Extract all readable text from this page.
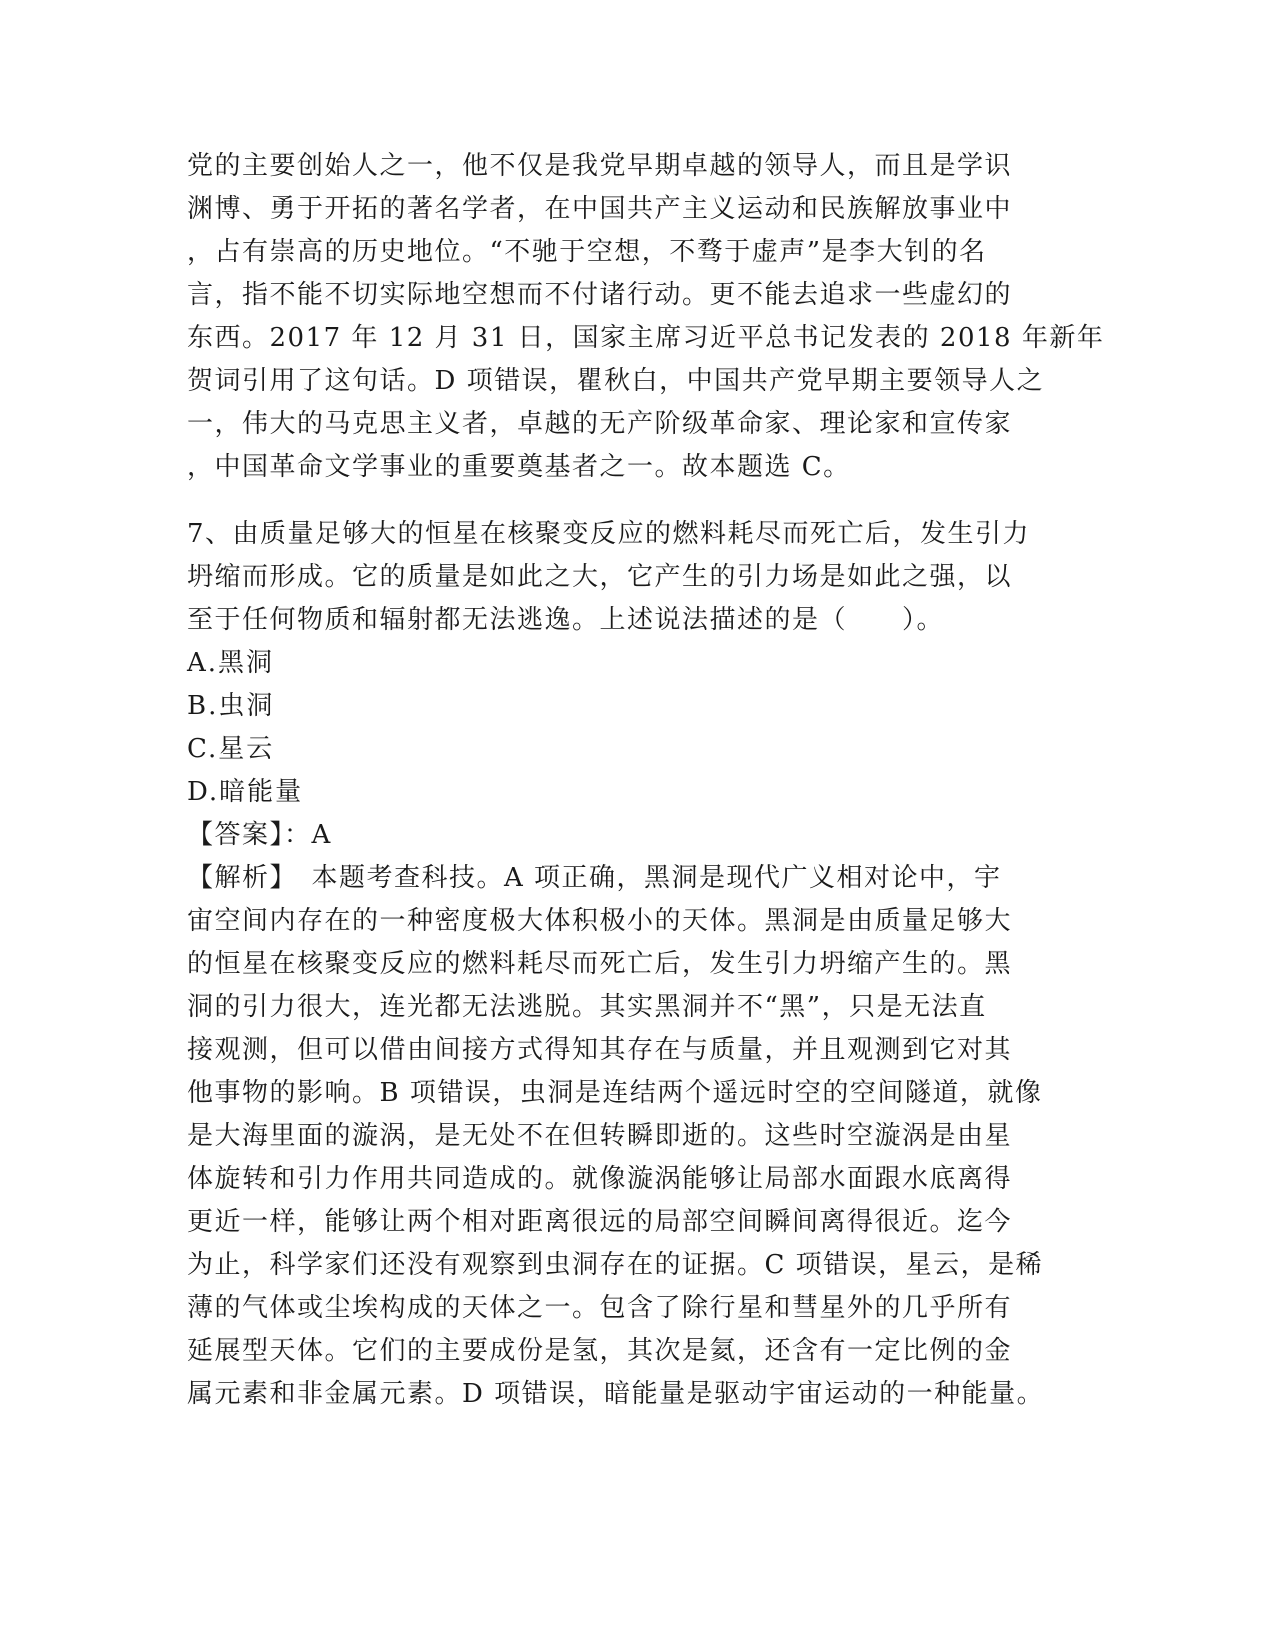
党的主要创始人之一，他不仅是我党早期卓越的领导人，而且是学识
渊博、勇于开拓的著名学者，在中国共产主义运动和民族解放事业中
，占有崇高的历史地位。“不驰于空想，不骛于虚声”是李大钊的名
言，指不能不切实际地空想而不付诸行动。更不能去追求一些虚幻的
东西。2017 年 12 月 31 日，国家主席习近平总书记发表的 2018 年新年
贺词引用了这句话。D 项错误，瞿秋白，中国共产党早期主要领导人之
一，伟大的马克思主义者，卓越的无产阶级革命家、理论家和宣传家
，中国革命文学事业的重要奠基者之一。故本题选 C。
7、由质量足够大的恒星在核聚变反应的燃料耗尽而死亡后，发生引力
坍缩而形成。它的质量是如此之大，它产生的引力场是如此之强，以
至于任何物质和辐射都无法逃逸。上述说法描述的是（　　）。
A.黑洞
B.虫洞
C.星云
D.暗能量
【答案】：A
【解析】　本题考查科技。A 项正确，黑洞是现代广义相对论中，宇
宙空间内存在的一种密度极大体积极小的天体。黑洞是由质量足够大
的恒星在核聚变反应的燃料耗尽而死亡后，发生引力坍缩产生的。黑
洞的引力很大，连光都无法逃脱。其实黑洞并不“黑”，只是无法直
接观测，但可以借由间接方式得知其存在与质量，并且观测到它对其
他事物的影响。B 项错误，虫洞是连结两个遥远时空的空间隧道，就像
是大海里面的漩涡，是无处不在但转瞬即逝的。这些时空漩涡是由星
体旋转和引力作用共同造成的。就像漩涡能够让局部水面跟水底离得
更近一样，能够让两个相对距离很远的局部空间瞬间离得很近。迄今
为止，科学家们还没有观察到虫洞存在的证据。C 项错误，星云，是稀
薄的气体或尘埃构成的天体之一。包含了除行星和彗星外的几乎所有
延展型天体。它们的主要成份是氢，其次是氦，还含有一定比例的金
属元素和非金属元素。D 项错误，暗能量是驱动宇宙运动的一种能量。
